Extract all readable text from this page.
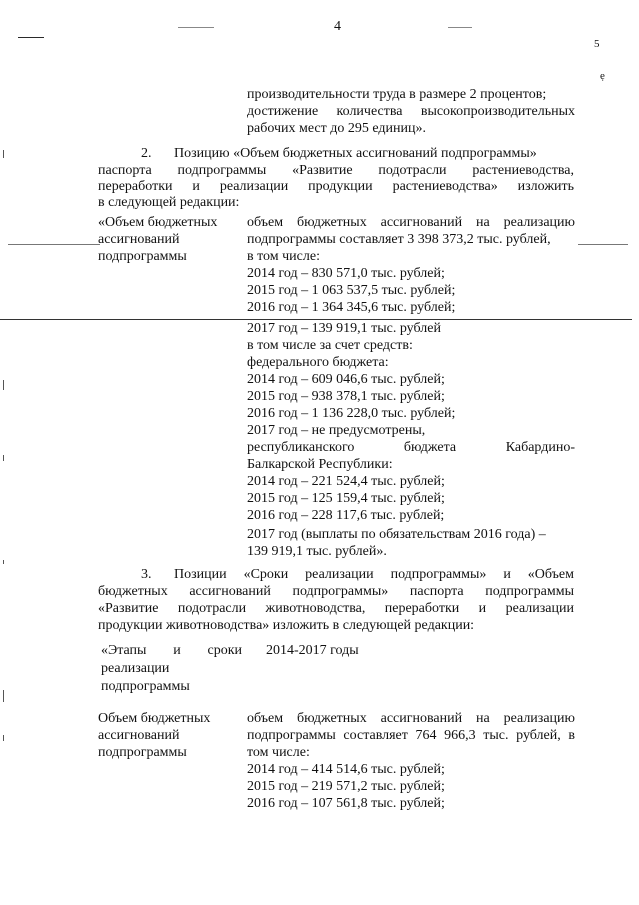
4
5
ẹ
производительности труда в размере 2 процентов;
достижение количества высокопроизводительных
рабочих мест до 295 единиц».
2. Позицию «Объем бюджетных ассигнований подпрограммы»
паспорта подпрограммы «Развитие подотрасли растениеводства,
переработки и реализации продукции растениеводства» изложить
в следующей редакции:
«Объем бюджетных
ассигнований
подпрограммы
объем бюджетных ассигнований на реализацию
подпрограммы составляет 3 398 373,2 тыс. рублей,
в том числе:
2014 год – 830 571,0 тыс. рублей;
2015 год – 1 063 537,5 тыс. рублей;
2016 год – 1 364 345,6 тыс. рублей;
2017 год – 139 919,1 тыс. рублей
в том числе за счет средств:
федерального бюджета:
2014 год – 609 046,6 тыс. рублей;
2015 год – 938 378,1 тыс. рублей;
2016 год – 1 136 228,0 тыс. рублей;
2017 год – не предусмотрены,
республиканского бюджета Кабардино-
Балкарской Республики:
2014 год – 221 524,4 тыс. рублей;
2015 год – 125 159,4 тыс. рублей;
2016 год – 228 117,6 тыс. рублей;
2017 год (выплаты по обязательствам 2016 года) –
139 919,1 тыс. рублей».
3. Позиции «Сроки реализации подпрограммы» и «Объем
бюджетных ассигнований подпрограммы» паспорта подпрограммы
«Развитие подотрасли животноводства, переработки и реализации
продукции животноводства» изложить в следующей редакции:
«Этапы и сроки
реализации
подпрограммы
2014-2017 годы
Объем бюджетных
ассигнований
подпрограммы
объем бюджетных ассигнований на реализацию
подпрограммы составляет 764 966,3 тыс. рублей, в
том числе:
2014 год – 414 514,6 тыс. рублей;
2015 год – 219 571,2 тыс. рублей;
2016 год – 107 561,8 тыс. рублей;
